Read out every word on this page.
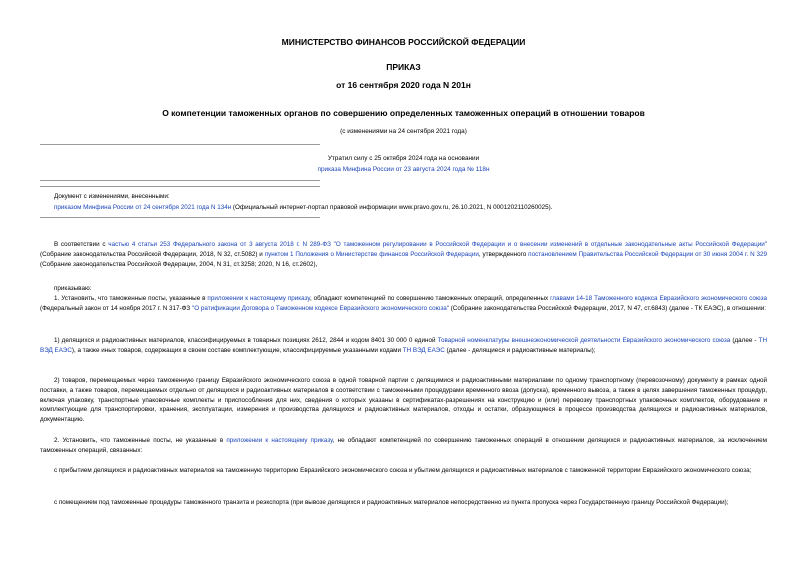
МИНИСТЕРСТВО ФИНАНСОВ РОССИЙСКОЙ ФЕДЕРАЦИИ
ПРИКАЗ
от 16 сентября 2020 года N 201н
О компетенции таможенных органов по совершению определенных таможенных операций в отношении товаров
(с изменениями на 24 сентября 2021 года)
Утратил силу с 25 октября 2024 года на основании
приказа Минфина России от 23 августа 2024 года № 118н
Документ с изменениями, внесенными:
приказом Минфина России от 24 сентября 2021 года N 134н (Официальный интернет-портал правовой информации www.pravo.gov.ru, 26.10.2021, N 0001202110260025).

В соответствии с частью 4 статьи 253 Федерального закона от 3 августа 2018 г. N 289-ФЗ "О таможенном регулировании в Российской Федерации и о внесении изменений в отдельные законодательные акты Российской Федерации" (Собрание законодательства Российской Федерации, 2018, N 32, ст.5082) и пунктом 1 Положения о Министерстве финансов Российской Федерации, утвержденного постановлением Правительства Российской Федерации от 30 июня 2004 г. N 329 (Собрание законодательства Российской Федерации, 2004, N 31, ст.3258; 2020, N 16, ст.2602),

приказываю:

1. Установить, что таможенные посты, указанные в приложении к настоящему приказу, обладают компетенцией по совершению таможенных операций, определенных главами 14-18 Таможенного кодекса Евразийского экономического союза (Федеральный закон от 14 ноября 2017 г. N 317-ФЗ "О ратификации Договора о Таможенном кодексе Евразийского экономического союза" (Собрание законодательства Российской Федерации, 2017, N 47, ст.6843) (далее - ТК ЕАЭС), в отношении:

1) делящихся и радиоактивных материалов, классифицируемых в товарных позициях 2612, 2844 и кодом 8401 30 000 0 единой Товарной номенклатуры внешнеэкономической деятельности Евразийского экономического союза (далее - ТН ВЭД ЕАЭС), а также иных товаров, содержащих в своем составе комплектующие, классифицируемые указанными кодами ТН ВЭД ЕАЭС (далее - делящиеся и радиоактивные материалы);

2) товаров, перемещаемых через таможенную границу Евразийского экономического союза в одной товарной партии с делящимися и радиоактивными материалами по одному транспортному (перевозочному) документу в рамках одной поставки, а также товаров, перемещаемых отдельно от делящихся и радиоактивных материалов в соответствии с таможенными процедурами временного ввоза (допуска), временного вывоза, а также в целях завершения таможенных процедур, включая упаковку, транспортные упаковочные комплекты и приспособления для них, сведения о которых указаны в сертификатах-разрешениях на конструкцию и (или) перевозку транспортных упаковочных комплектов, оборудование и комплектующие для транспортировки, хранения, эксплуатации, измерения и производства делящихся и радиоактивных материалов, отходы и остатки, образующиеся в процессе производства делящихся и радиоактивных материалов, документацию.

2. Установить, что таможенные посты, не указанные в приложении к настоящему приказу, не обладают компетенцией по совершению таможенных операций в отношении делящихся и радиоактивных материалов, за исключением таможенных операций, связанных:

с прибытием делящихся и радиоактивных материалов на таможенную территорию Евразийского экономического союза и убытием делящихся и радиоактивных материалов с таможенной территории Евразийского экономического союза;

с помещением под таможенные процедуры таможенного транзита и реэкспорта (при вывозе делящихся и радиоактивных материалов непосредственно из пункта пропуска через Государственную границу Российской Федерации);
